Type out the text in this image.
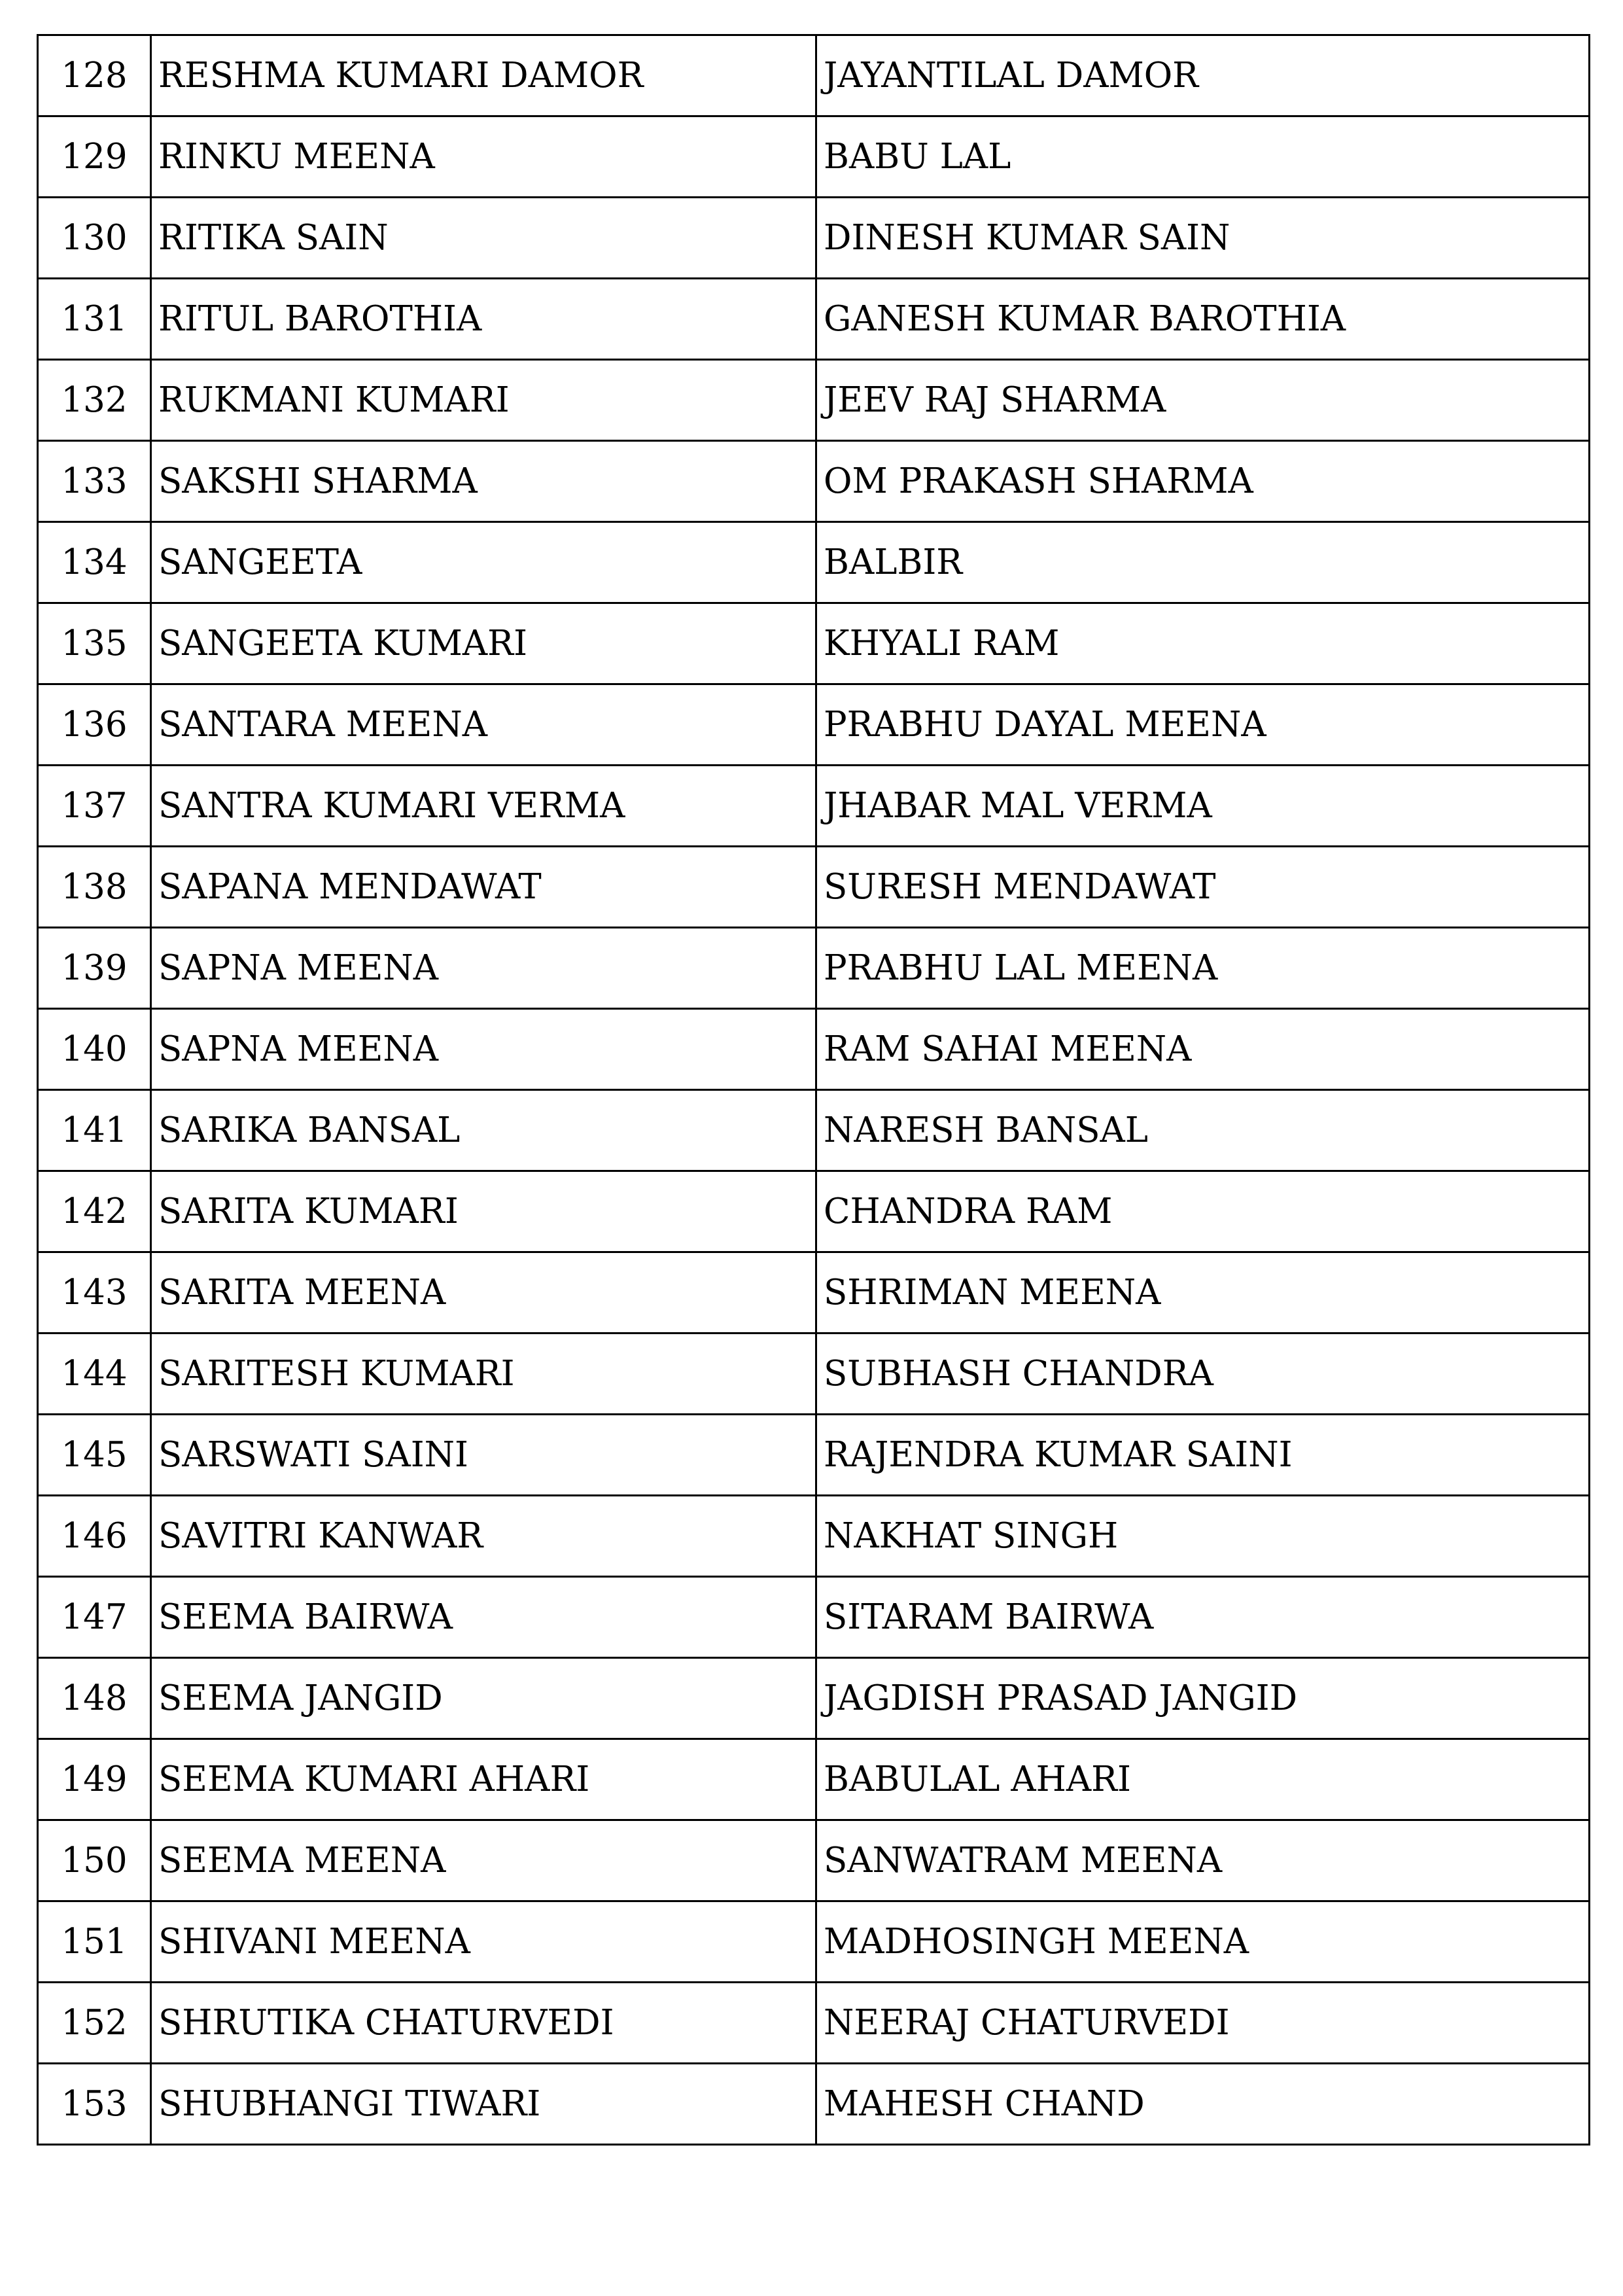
128	RESHMA KUMARI DAMOR	JAYANTILAL DAMOR
129	RINKU MEENA	BABU LAL
130	RITIKA SAIN	DINESH KUMAR SAIN
131	RITUL BAROTHIA	GANESH KUMAR BAROTHIA
132	RUKMANI KUMARI	JEEV RAJ SHARMA
133	SAKSHI SHARMA	OM PRAKASH SHARMA
134	SANGEETA	BALBIR
135	SANGEETA KUMARI	KHYALI RAM
136	SANTARA MEENA	PRABHU DAYAL MEENA
137	SANTRA KUMARI VERMA	JHABAR MAL VERMA
138	SAPANA MENDAWAT	SURESH MENDAWAT
139	SAPNA MEENA	PRABHU LAL MEENA
140	SAPNA MEENA	RAM SAHAI MEENA
141	SARIKA BANSAL	NARESH BANSAL
142	SARITA KUMARI	CHANDRA RAM
143	SARITA MEENA	SHRIMAN MEENA
144	SARITESH KUMARI	SUBHASH CHANDRA
145	SARSWATI SAINI	RAJENDRA KUMAR SAINI
146	SAVITRI KANWAR	NAKHAT SINGH
147	SEEMA BAIRWA	SITARAM BAIRWA
148	SEEMA JANGID	JAGDISH PRASAD JANGID
149	SEEMA KUMARI AHARI	BABULAL AHARI
150	SEEMA MEENA	SANWATRAM MEENA
151	SHIVANI MEENA	MADHOSINGH MEENA
152	SHRUTIKA CHATURVEDI	NEERAJ CHATURVEDI
153	SHUBHANGI TIWARI	MAHESH CHAND
